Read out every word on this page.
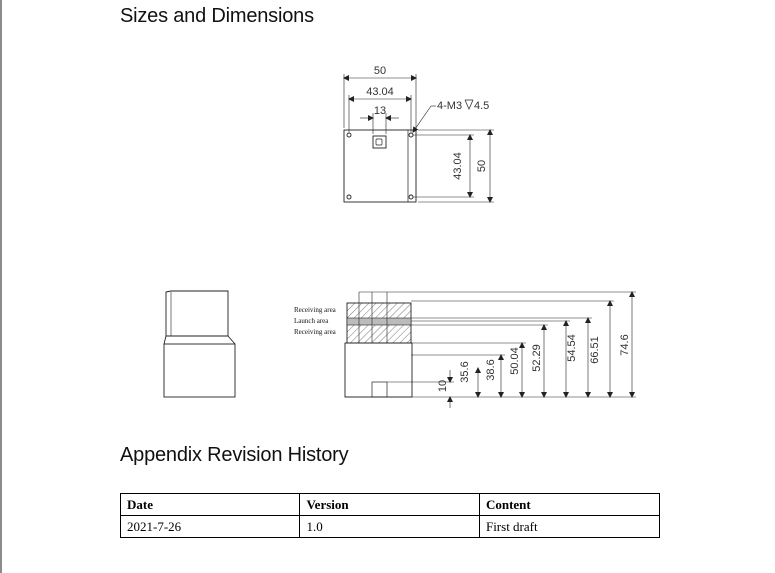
Sizes and Dimensions
50
43.04
13	4-M3 4.5
43.04 50
Receiving area
Launch area
Receiving area
10
35.6 38.6 50.04 52.29 54.54 66.51 74.6
Appendix Revision History
Date	Version	Content
2021-7-26	1.0	First draft
